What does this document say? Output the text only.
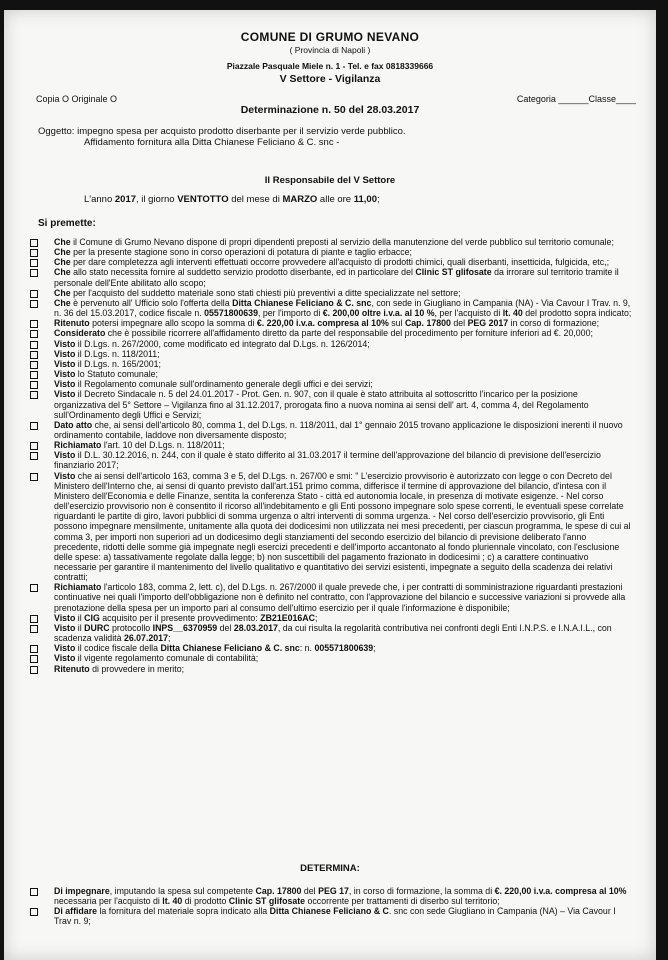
COMUNE DI GRUMO NEVANO
( Provincia di Napoli )
Piazzale Pasquale Miele n. 1 - Tel. e fax 0818339666
V Settore - Vigilanza
Copia O Originale O	Categoria ______Classe____
Determinazione n. 50 del 28.03.2017
Oggetto: impegno spesa per acquisto prodotto diserbante per il servizio verde pubblico.
Affidamento fornitura alla Ditta Chianese Feliciano & C. snc -
Il Responsabile del V Settore
L'anno 2017, il giorno VENTOTTO del mese di MARZO alle ore 11,00;
Si premette:

Che il Comune di Grumo Nevano dispone di propri dipendenti preposti al servizio della manutenzione del verde pubblico sul territorio comunale;

Che per la presente stagione sono in corso operazioni di potatura di piante e taglio erbacce;

Che per dare completezza agli interventi effettuati occorre provvedere all'acquisto di prodotti chimici, quali diserbanti, insetticida, fulgicida, etc,;

Che allo stato necessita fornire al suddetto servizio prodotto diserbante, ed in particolare del Clinic ST glifosate da irrorare sul territorio tramite il personale dell'Ente abilitato allo scopo;

Che per l'acquisto del suddetto materiale sono stati chiesti più preventivi a ditte specializzate nel settore;

Che è pervenuto all' Ufficio solo l'offerta della Ditta Chianese Feliciano & C. snc, con sede in Giugliano in Campania (NA) - Via Cavour I Trav. n. 9, n. 36 del 15.03.2017, codice fiscale n. 05571800639, per l'importo di €. 200,00 oltre i.v.a. al 10 %, per l'acquisto di lt. 40 del prodotto sopra indicato;

Ritenuto potersi impegnare allo scopo la somma di €. 220,00 i.v.a. compresa al 10% sul Cap. 17800 del PEG 2017 in corso di formazione;

Considerato che è possibile ricorrere all'affidamento diretto da parte del responsabile del procedimento per forniture inferiori ad €. 20,000;

Visto il D.Lgs. n. 267/2000, come modificato ed integrato dal D.Lgs. n. 126/2014;

Visto il D.Lgs. n. 118/2011;

Visto il D.Lgs. n. 165/2001;

Visto lo Statuto comunale;

Visto il Regolamento comunale sull'ordinamento generale degli uffici e dei servizi;

Visto il Decreto Sindacale n. 5 del 24.01.2017 - Prot. Gen. n. 907, con il quale è stato attribuita al sottoscritto l'incarico per la posizione organizzativa del 5° Settore – Vigilanza fino al 31.12.2017, prorogata fino a nuova nomina ai sensi dell' art. 4, comma 4, del Regolamento sull'Ordinamento degli Uffici e Servizi;

Dato atto che, ai sensi dell'articolo 80, comma 1, del D.Lgs. n. 118/2011, dal 1° gennaio 2015 trovano applicazione le disposizioni inerenti il nuovo ordinamento contabile, laddove non diversamente disposto;

Richiamato l'art. 10 del D.Lgs. n. 118/2011;

Visto il D.L. 30.12.2016, n. 244, con il quale è stato differito al 31.03.2017 il termine dell'approvazione del bilancio di previsione dell'esercizio finanziario 2017;

Visto che ai sensi dell'articolo 163, comma 3 e 5, del D.Lgs. n. 267/00 e smi: " L'esercizio provvisorio è autorizzato con legge o con Decreto del Ministero dell'Interno che, ai sensi di quanto previsto dall'art.151 primo comma, differisce il termine di approvazione del bilancio, d'intesa con il Ministero dell'Economia e delle Finanze, sentita la conferenza Stato - città ed autonomia locale, in presenza di motivate esigenze. - Nel corso dell'esercizio provvisorio non è consentito il ricorso all'indebitamento e gli Enti possono impegnare solo spese correnti, le eventuali spese correlate riguardanti le partite di giro, lavori pubblici di somma urgenza o altri interventi di somma urgenza. - Nel corso dell'esercizio provvisorio, gli Enti possono impegnare mensilmente, unitamente alla quota dei dodicesimi non utilizzata nei mesi precedenti, per ciascun programma, le spese di cui al comma 3, per importi non superiori ad un dodicesimo degli stanziamenti del secondo esercizio del bilancio di previsione deliberato l'anno precedente, ridotti delle somme già impegnate negli esercizi precedenti e dell'importo accantonato al fondo pluriennale vincolato, con l'esclusione delle spese: a) tassativamente regolate dalla legge; b) non suscettibili del pagamento frazionato in dodicesimi ; c) a carattere continuativo necessarie per garantire il mantenimento del livello qualitativo e quantitativo dei servizi esistenti, impegnate a seguito della scadenza dei relativi contratti;

Richiamato l'articolo 183, comma 2, lett. c), del D.Lgs. n. 267/2000 il quale prevede che, i per contratti di somministrazione riguardanti prestazioni continuative nei quali l'importo dell'obbligazione non è definito nel contratto, con l'approvazione del bilancio e successive variazioni si provvede alla prenotazione della spesa per un importo pari al consumo dell'ultimo esercizio per il quale l'informazione è disponibile;

Visto il CIG acquisito per il presente provvedimento: ZB21E016AC;

Visto il DURC protocollo INPS__6370959 del 28.03.2017, da cui risulta la regolarità contributiva nei confronti degli Enti I.N.P.S. e I.N.A.I.L., con scadenza validità 26.07.2017;

Visto il codice fiscale della Ditta Chianese Feliciano & C. snc: n. 005571800639;

Visto il vigente regolamento comunale di contabilità;

Ritenuto di provvedere in merito;

DETERMINA:

Di impegnare, imputando la spesa sul competente Cap. 17800 del PEG 17, in corso di formazione, la somma di €. 220,00 i.v.a. compresa al 10% necessaria per l'acquisto di lt. 40 di prodotto Clinic ST glifosate occorrente per trattamenti di diserbo sul territorio;

Di affidare la fornitura del materiale sopra indicato alla Ditta Chianese Feliciano & C. snc con sede Giugliano in Campania (NA) – Via Cavour I Trav n. 9;
